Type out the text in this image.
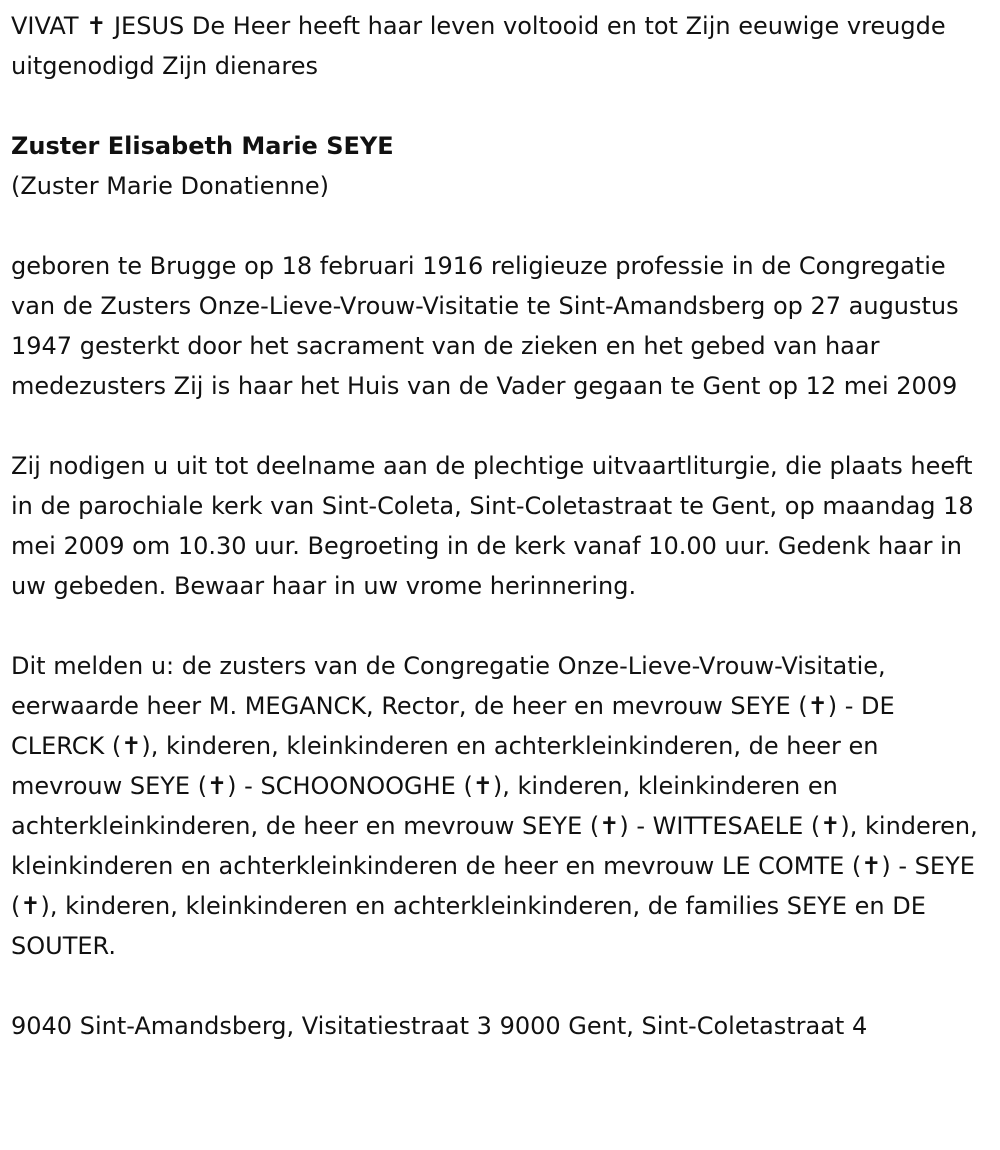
VIVAT ✝ JESUS De Heer heeft haar leven voltooid en tot Zijn eeuwige vreugde uitgenodigd Zijn dienares

Zuster Elisabeth Marie SEYE

(Zuster Marie Donatienne)

geboren te Brugge op 18 februari 1916 religieuze professie in de Congregatie van de Zusters Onze-Lieve-Vrouw-Visitatie te Sint-Amandsberg op 27 augustus 1947 gesterkt door het sacrament van de zieken en het gebed van haar medezusters Zij is haar het Huis van de Vader gegaan te Gent op 12 mei 2009

Zij nodigen u uit tot deelname aan de plechtige uitvaartliturgie, die plaats heeft in de parochiale kerk van Sint-Coleta, Sint-Coletastraat te Gent, op maandag 18 mei 2009 om 10.30 uur. Begroeting in de kerk vanaf 10.00 uur. Gedenk haar in uw gebeden. Bewaar haar in uw vrome herinnering.

Dit melden u: de zusters van de Congregatie Onze-Lieve-Vrouw-Visitatie, eerwaarde heer M. MEGANCK, Rector, de heer en mevrouw SEYE (✝) - DE CLERCK (✝), kinderen, kleinkinderen en achterkleinkinderen, de heer en mevrouw SEYE (✝) - SCHOONOOGHE (✝), kinderen, kleinkinderen en achterkleinkinderen, de heer en mevrouw SEYE (✝) - WITTESAELE (✝), kinderen, kleinkinderen en achterkleinkinderen de heer en mevrouw LE COMTE (✝) - SEYE (✝), kinderen, kleinkinderen en achterkleinkinderen, de families SEYE en DE SOUTER.

9040 Sint-Amandsberg, Visitatiestraat 3 9000 Gent, Sint-Coletastraat 4
